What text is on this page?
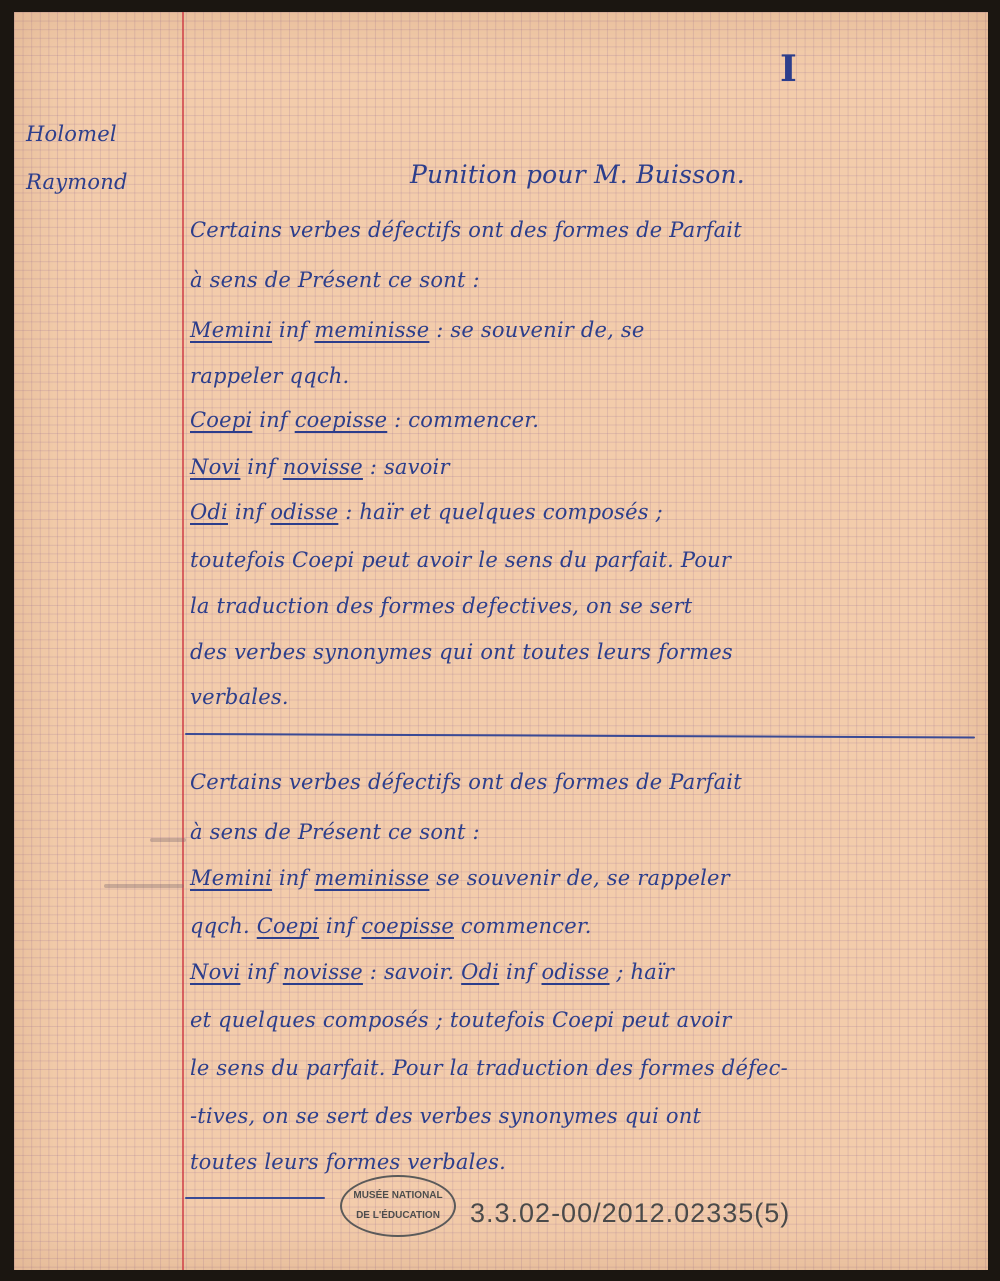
I
Holomel
Raymond	Punition pour M. Buisson.
Certains verbes défectifs ont des formes de Parfait
à sens de Présent ce sont :
Memini inf meminisse : se souvenir de, se
rappeler qqch.
Coepi inf coepisse : commencer.
Novi inf novisse : savoir
Odi inf odisse : haïr et quelques composés ;
toutefois Coepi peut avoir le sens du parfait. Pour
la traduction des formes defectives, on se sert
des verbes synonymes qui ont toutes leurs formes
verbales.
Certains verbes défectifs ont des formes de Parfait
à sens de Présent ce sont :
Memini inf meminisse se souvenir de, se rappeler
qqch. Coepi inf coepisse commencer.
Novi inf novisse : savoir. Odi inf odisse ; haïr
et quelques composés ; toutefois Coepi peut avoir
le sens du parfait. Pour la traduction des formes défec-
-tives, on se sert des verbes synonymes qui ont
toutes leurs formes verbales.
MUSÉE NATIONAL
DE L'ÉDUCATION	3.3.02-00/2012.02335(5)
